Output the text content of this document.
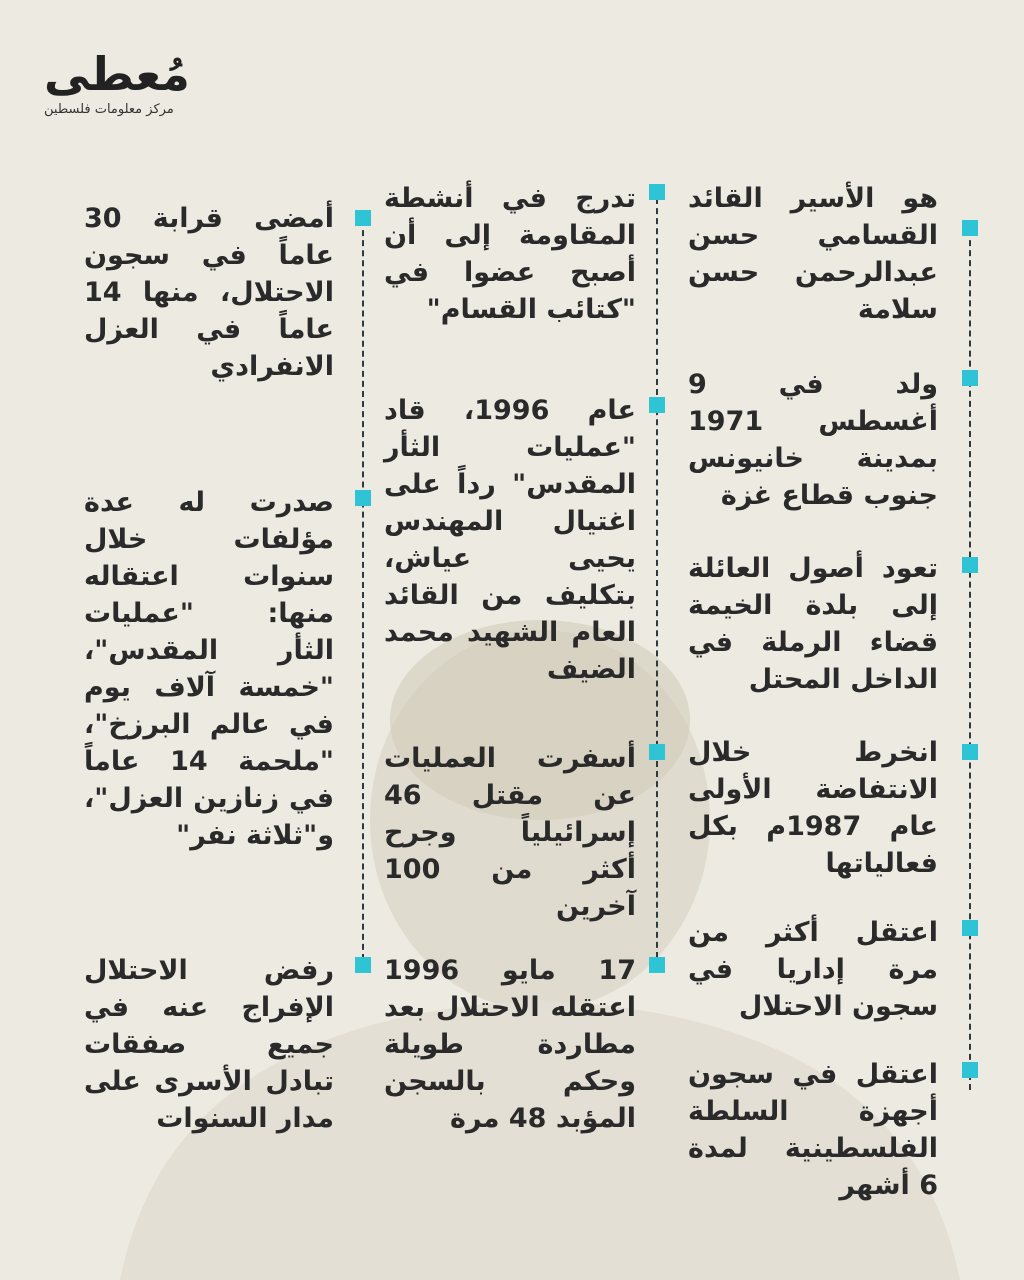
مُعطى
مركز معلومات فلسطين
هو الأسير القائد القسامي حسن عبدالرحمن حسن سلامة
ولد في 9 أغسطس 1971 بمدينة خانيونس جنوب قطاع غزة
تعود أصول العائلة إلى بلدة الخيمة قضاء الرملة في الداخل المحتل
انخرط خلال الانتفاضة الأولى عام 1987م بكل فعالياتها
اعتقل أكثر من مرة إداريا في سجون الاحتلال
اعتقل في سجون أجهزة السلطة الفلسطينية لمدة 6 أشهر
تدرج في أنشطة المقاومة إلى أن أصبح عضوا في "كتائب القسام"
عام 1996، قاد "عمليات الثأر المقدس" رداً على اغتيال المهندس يحيى عياش، بتكليف من القائد العام الشهيد محمد الضيف
أسفرت العمليات عن مقتل 46 إسرائيلياً وجرح أكثر من 100 آخرين
17 مايو 1996 اعتقله الاحتلال بعد مطاردة طويلة وحكم بالسجن المؤبد 48 مرة
أمضى قرابة 30 عاماً في سجون الاحتلال، منها 14 عاماً في العزل الانفرادي
صدرت له عدة مؤلفات خلال سنوات اعتقاله منها: "عمليات الثأر المقدس"، "خمسة آلاف يوم في عالم البرزخ"، "ملحمة 14 عاماً في زنازين العزل"، و"ثلاثة نفر"
رفض الاحتلال الإفراج عنه في جميع صفقات تبادل الأسرى على مدار السنوات
